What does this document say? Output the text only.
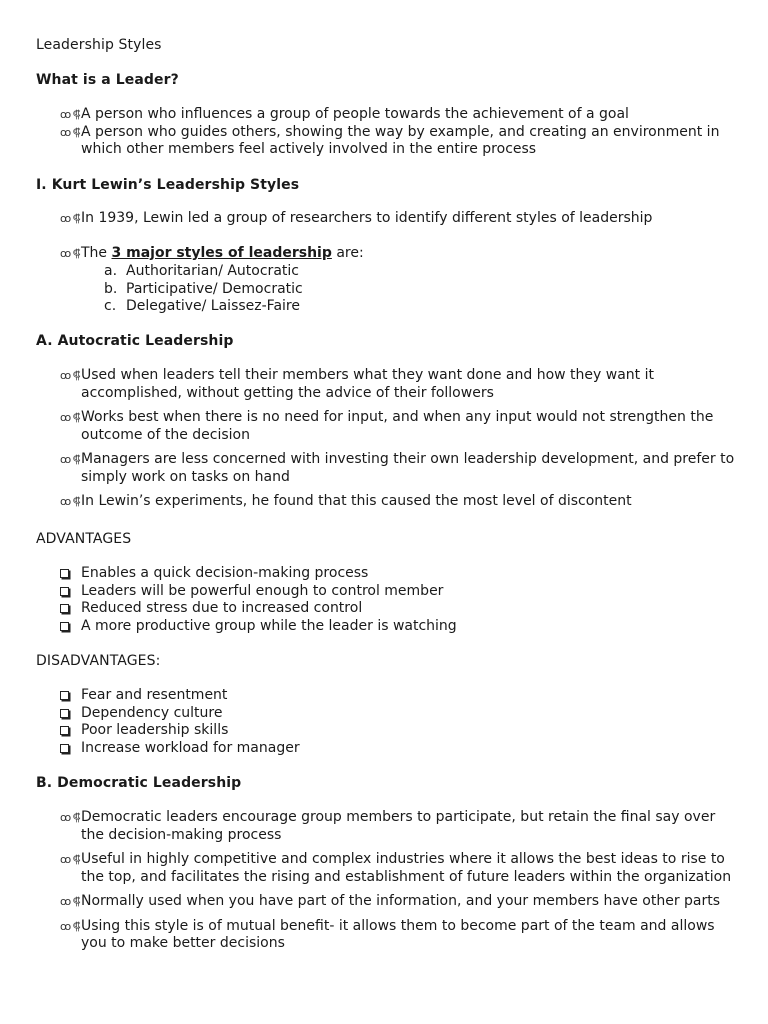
Leadership Styles

What is a Leader?

ꝏ ⸿ A person who influences a group of people towards the achievement of a goal
ꝏ ⸿ A person who guides others, showing the way by example, and creating an environment in which other members feel actively involved in the entire process

I. Kurt Lewin’s Leadership Styles

ꝏ ⸿ In 1939, Lewin led a group of researchers to identify different styles of leadership
ꝏ ⸿ The 3 major styles of leadership are:
a. Authoritarian/ Autocratic
b. Participative/ Democratic
c. Delegative/ Laissez-Faire

A. Autocratic Leadership

ꝏ ⸿ Used when leaders tell their members what they want done and how they want it accomplished, without getting the advice of their followers
ꝏ ⸿ Works best when there is no need for input, and when any input would not strengthen the outcome of the decision
ꝏ ⸿ Managers are less concerned with investing their own leadership development, and prefer to simply work on tasks on hand
ꝏ ⸿ In Lewin’s experiments, he found that this caused the most level of discontent

ADVANTAGES

Enables a quick decision-making process
Leaders will be powerful enough to control member
Reduced stress due to increased control
A more productive group while the leader is watching

DISADVANTAGES:

Fear and resentment
Dependency culture
Poor leadership skills
Increase workload for manager

B. Democratic Leadership

ꝏ ⸿ Democratic leaders encourage group members to participate, but retain the final say over the decision-making process
ꝏ ⸿ Useful in highly competitive and complex industries where it allows the best ideas to rise to the top, and facilitates the rising and establishment of future leaders within the organization
ꝏ ⸿ Normally used when you have part of the information, and your members have other parts
ꝏ ⸿ Using this style is of mutual benefit- it allows them to become part of the team and allows you to make better decisions
